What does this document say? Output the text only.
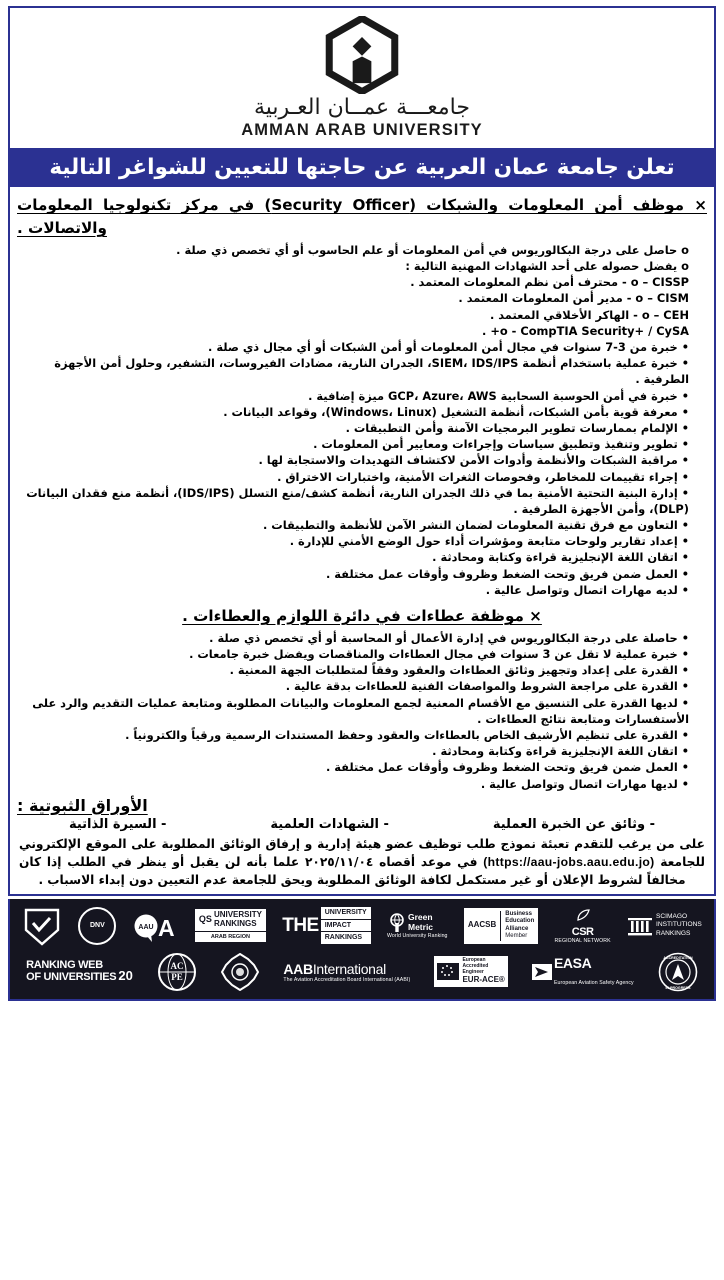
جامعـــة عمــان العـربية
AMMAN ARAB UNIVERSITY
تعلن جامعة عمان العربية عن حاجتها للتعيين للشواغر التالية
× موظف أمن المعلومات والشبكات (Security Officer) في مركز تكنولوجيا المعلومات والاتصالات .
o حاصل على درجة البكالوريوس في أمن المعلومات أو علم الحاسوب أو أي تخصص ذي صلة .
o يفضل حصوله على أحد الشهادات المهنية التالية :
o – CISSP - محترف أمن نظم المعلومات المعتمد .
o – CISM - مدير أمن المعلومات المعتمد .
o – CEH - الهاكر الأخلاقي المعتمد .
o - CompTIA Security+ / CySA+ .
• خبرة من 3-7 سنوات في مجال أمن المعلومات أو أمن الشبكات أو أي مجال ذي صلة .
• خبرة عملية باستخدام أنظمة SIEM، IDS/IPS، الجدران النارية، مضادات الفيروسات، التشفير، وحلول أمن الأجهزة الطرفية .
• خبرة في أمن الحوسبة السحابية GCP، Azure، AWS ميزة إضافية .
• معرفة قوية بأمن الشبكات، أنظمة التشغيل (Windows، Linux)، وقواعد البيانات .
• الإلمام بممارسات تطوير البرمجيات الآمنة وأمن التطبيقات .
• تطوير وتنفيذ وتطبيق سياسات وإجراءات ومعايير أمن المعلومات .
• مراقبة الشبكات والأنظمة وأدوات الأمن لاكتشاف التهديدات والاستجابة لها .
• إجراء تقييمات للمخاطر، وفحوصات الثغرات الأمنية، واختبارات الاختراق .
• إدارة البنية التحتية الأمنية بما في ذلك الجدران النارية، أنظمة كشف/منع التسلل (IDS/IPS)، أنظمة منع فقدان البيانات (DLP)، وأمن الأجهزة الطرفية .
• التعاون مع فرق تقنية المعلومات لضمان النشر الآمن للأنظمة والتطبيقات .
• إعداد تقارير ولوحات متابعة ومؤشرات أداء حول الوضع الأمني للإدارة .
• اتقان اللغة الإنجليزية قراءة وكتابة ومحادثة .
• العمل ضمن فريق وتحت الضغط وظروف وأوقات عمل مختلفة .
• لديه مهارات اتصال وتواصل عالية .
× موظفة عطاءات في دائرة اللوازم والعطاءات .
• حاصلة على درجة البكالوريوس في إدارة الأعمال أو المحاسبة أو أي تخصص ذي صلة .
• خبرة عملية لا تقل عن 3 سنوات في مجال العطاءات والمناقصات ويفضل خبرة جامعات .
• القدرة على إعداد وتجهيز وثائق العطاءات والعقود وفقاً لمتطلبات الجهة المعنية .
• القدرة على مراجعة الشروط والمواصفات الفنية للعطاءات بدقة عالية .
• لديها القدرة على التنسيق مع الأقسام المعنية لجمع المعلومات والبيانات المطلوبة ومتابعة عمليات التقديم والرد على الأستفسارات ومتابعة نتائج العطاءات .
• القدرة على تنظيم الأرشيف الخاص بالعطاءات والعقود وحفظ المستندات الرسمية ورقياً والكترونياً .
• اتقان اللغة الإنجليزية قراءة وكتابة ومحادثة .
• العمل ضمن فريق وتحت الضغط وظروف وأوقات عمل مختلفة .
• لديها مهارات اتصال وتواصل عالية .
الأوراق الثبوتية :
- وثائق عن الخبرة العملية
- الشهادات العلمية
- السيرة الذاتية
على من يرغب للتقدم تعبئة نموذج طلب توظيف عضو هيئة إدارية و إرفاق الوثائق المطلوبة على الموقع الإلكتروني للجامعة (https://aau-jobs.aau.edu.jo) في موعد أقصاه ٢٠٢٥/١١/٠٤ علما بأنه لن يقبل أو ينظر في الطلب إذا كان مخالفاً لشروط الإعلان أو غير مستكمل لكافة الوثائق المطلوبة ويحق للجامعة عدم التعيين دون إبداء الاسباب .
DNV	AAU A	QS UNIVERSITY
RANKINGS
ARAB REGION
THE
UNIVERSITY
IMPACT
RANKINGS
Green
Metric
World University Ranking
AACSB
Business
Education
Alliance
Member	CSR
REGIONAL NETWORK
SCIMAGO
INSTITUTIONS
RANKINGS
RANKING WEB
OF UNIVERSITIES 20
AC
PE	AABInternational
The Aviation Accreditation Board International (AABI)
European
Accredited
Engineer
EUR-ACE®
EASA
European Aviation Safety Agency
ACCREDITATION
IN PROGRESS
